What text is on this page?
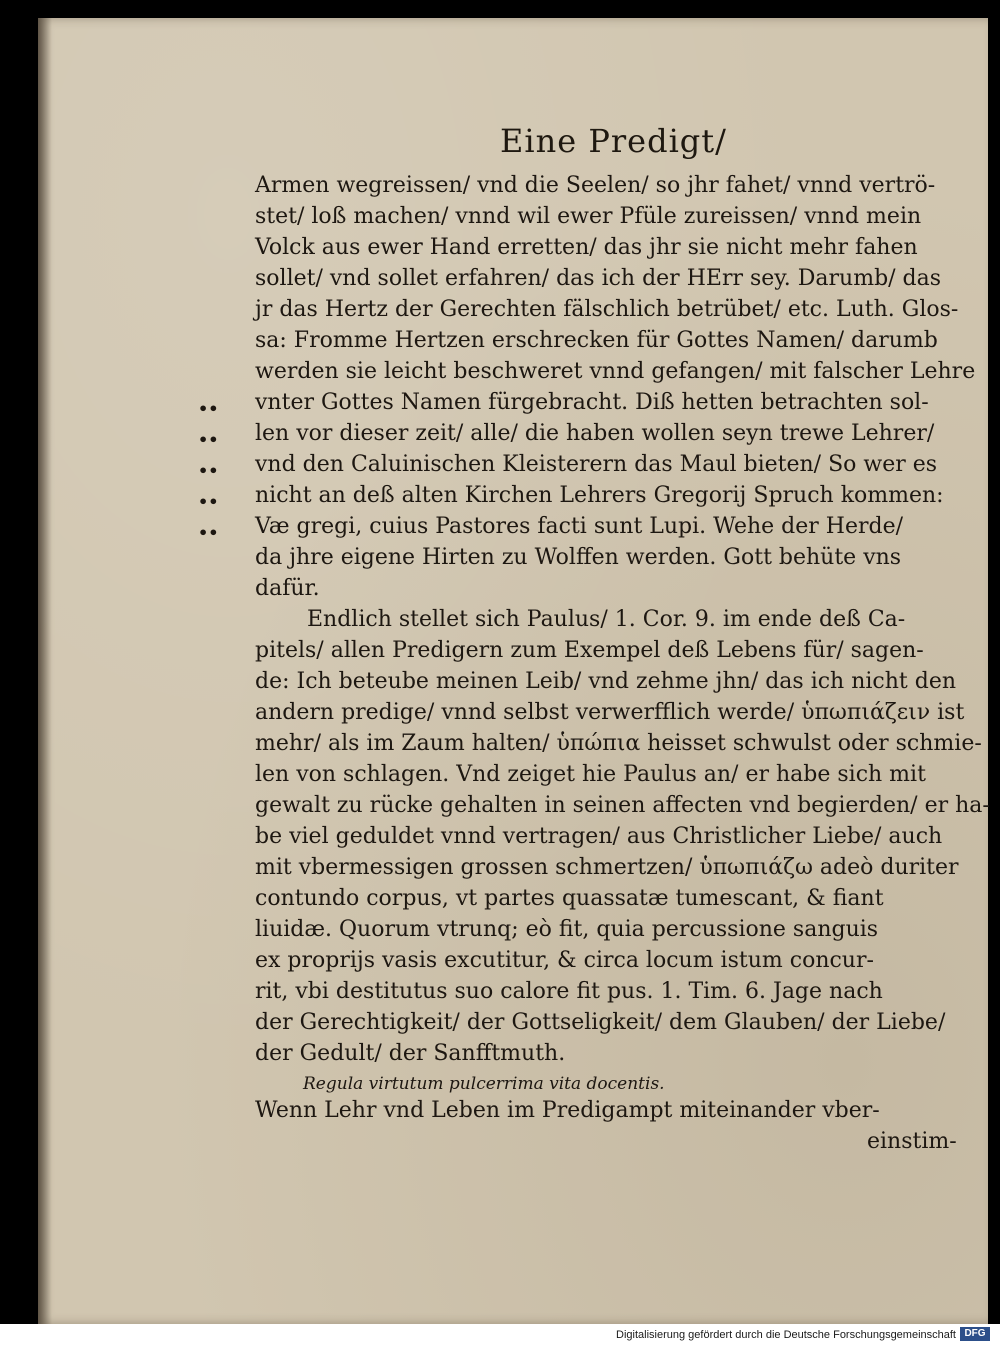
Eine Predigt/
••
••
••
••
••
Armen wegreissen/ vnd die Seelen/ so jhr fahet/ vnnd vertrö-
stet/ loß machen/ vnnd wil ewer Pfüle zureissen/ vnnd mein
Volck aus ewer Hand erretten/ das jhr sie nicht mehr fahen
sollet/ vnd sollet erfahren/ das ich der HErr sey. Darumb/ das
jr das Hertz der Gerechten fälschlich betrübet/ etc. Luth. Glos-
sa: Fromme Hertzen erschrecken für Gottes Namen/ darumb
werden sie leicht beschweret vnnd gefangen/ mit falscher Lehre
vnter Gottes Namen fürgebracht. Diß hetten betrachten sol-
len vor dieser zeit/ alle/ die haben wollen seyn trewe Lehrer/
vnd den Caluinischen Kleisterern das Maul bieten/ So wer es
nicht an deß alten Kirchen Lehrers Gregorij Spruch kommen:
Væ gregi, cuius Pastores facti sunt Lupi. Wehe der Herde/
da jhre eigene Hirten zu Wolffen werden. Gott behüte vns
dafür.
Endlich stellet sich Paulus/ 1. Cor. 9. im ende deß Ca-
pitels/ allen Predigern zum Exempel deß Lebens für/ sagen-
de: Ich beteube meinen Leib/ vnd zehme jhn/ das ich nicht den
andern predige/ vnnd selbst verwerfflich werde/ ὑπωπιάζειν ist
mehr/ als im Zaum halten/ ὑπώπια heisset schwulst oder schmie-
len von schlagen. Vnd zeiget hie Paulus an/ er habe sich mit
gewalt zu rücke gehalten in seinen affecten vnd begierden/ er ha-
be viel geduldet vnnd vertragen/ aus Christlicher Liebe/ auch
mit vbermessigen grossen schmertzen/ ὑπωπιάζω adeò duriter
contundo corpus, vt partes quassatæ tumescant, & fiant
liuidæ. Quorum vtrunq; eò fit, quia percussione sanguis
ex proprijs vasis excutitur, & circa locum istum concur-
rit, vbi destitutus suo calore fit pus. 1. Tim. 6. Jage nach
der Gerechtigkeit/ der Gottseligkeit/ dem Glauben/ der Liebe/
der Gedult/ der Sanfftmuth.
Regula virtutum pulcerrima vita docentis.
Wenn Lehr vnd Leben im Predigampt miteinander vber-
einstim-
Digitalisierung gefördert durch die Deutsche Forschungsgemeinschaft DFG
